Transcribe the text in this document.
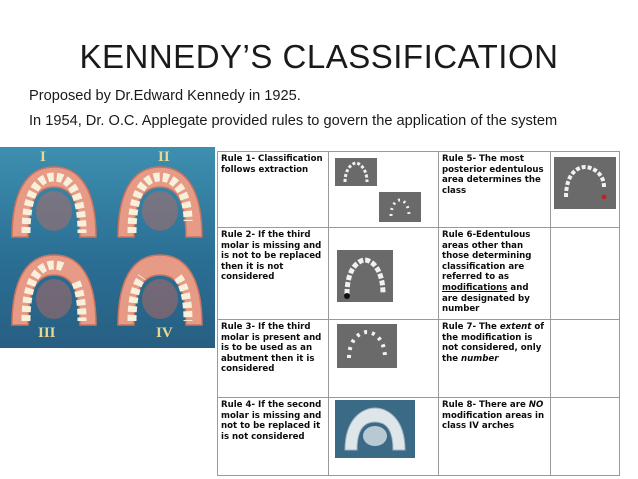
KENNEDY’S CLASSIFICATION
Proposed by Dr.Edward Kennedy in 1925.
In 1954, Dr. O.C. Applegate provided rules to govern the application of the system
I	II
III	IV
Rule 1- Classification follows extraction		Rule 5- The most posterior edentulous area determines the class	

Rule 2- If the third molar is missing and is not to be replaced then it is not considered		Rule 6-Edentulous areas other than those determining classification are referred to as modifications and are designated by number	
Rule 3- If the third molar is present and is to be used as an abutment then it is considered		Rule 7- The extent of the modification is not considered, only the number	
Rule 4- If the second molar is missing and not to be replaced it is not considered		Rule 8- There are NO modification areas in class IV arches	
